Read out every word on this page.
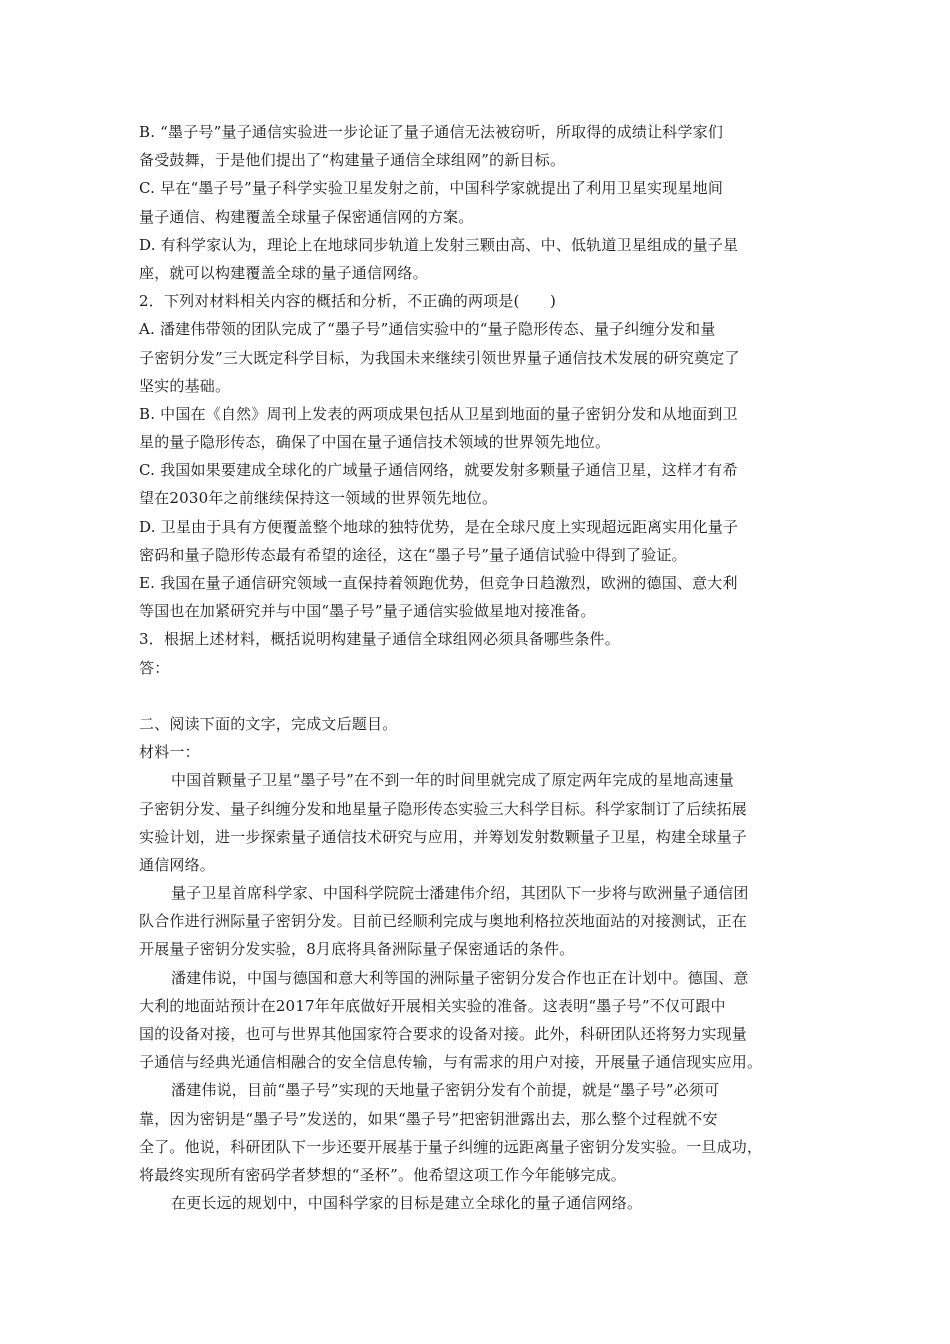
B. “墨子号”量子通信实验进一步论证了量子通信无法被窃听，所取得的成绩让科学家们
备受鼓舞，于是他们提出了“构建量子通信全球组网”的新目标。
C. 早在“墨子号”量子科学实验卫星发射之前，中国科学家就提出了利用卫星实现星地间
量子通信、构建覆盖全球量子保密通信网的方案。
D. 有科学家认为，理论上在地球同步轨道上发射三颗由高、中、低轨道卫星组成的量子星
座，就可以构建覆盖全球的量子通信网络。
2．下列对材料相关内容的概括和分析，不正确的两项是(　　)
A. 潘建伟带领的团队完成了“墨子号”通信实验中的“量子隐形传态、量子纠缠分发和量
子密钥分发”三大既定科学目标，为我国未来继续引领世界量子通信技术发展的研究奠定了
坚实的基础。
B. 中国在《自然》周刊上发表的两项成果包括从卫星到地面的量子密钥分发和从地面到卫
星的量子隐形传态，确保了中国在量子通信技术领域的世界领先地位。
C. 我国如果要建成全球化的广域量子通信网络，就要发射多颗量子通信卫星，这样才有希
望在2030年之前继续保持这一领域的世界领先地位。
D. 卫星由于具有方便覆盖整个地球的独特优势，是在全球尺度上实现超远距离实用化量子
密码和量子隐形传态最有希望的途径，这在“墨子号”量子通信试验中得到了验证。
E. 我国在量子通信研究领域一直保持着领跑优势，但竞争日趋激烈，欧洲的德国、意大利
等国也在加紧研究并与中国“墨子号”量子通信实验做星地对接准备。
3．根据上述材料，概括说明构建量子通信全球组网必须具备哪些条件。
答：
二、阅读下面的文字，完成文后题目。
材料一：
中国首颗量子卫星“墨子号”在不到一年的时间里就完成了原定两年完成的星地高速量
子密钥分发、量子纠缠分发和地星量子隐形传态实验三大科学目标。科学家制订了后续拓展
实验计划，进一步探索量子通信技术研究与应用，并筹划发射数颗量子卫星，构建全球量子
通信网络。
量子卫星首席科学家、中国科学院院士潘建伟介绍，其团队下一步将与欧洲量子通信团
队合作进行洲际量子密钥分发。目前已经顺利完成与奥地利格拉茨地面站的对接测试，正在
开展量子密钥分发实验，8月底将具备洲际量子保密通话的条件。
潘建伟说，中国与德国和意大利等国的洲际量子密钥分发合作也正在计划中。德国、意
大利的地面站预计在2017年年底做好开展相关实验的准备。这表明“墨子号”不仅可跟中
国的设备对接，也可与世界其他国家符合要求的设备对接。此外，科研团队还将努力实现量
子通信与经典光通信相融合的安全信息传输，与有需求的用户对接，开展量子通信现实应用。
潘建伟说，目前“墨子号”实现的天地量子密钥分发有个前提，就是“墨子号”必须可
靠，因为密钥是“墨子号”发送的，如果“墨子号”把密钥泄露出去，那么整个过程就不安
全了。他说，科研团队下一步还要开展基于量子纠缠的远距离量子密钥分发实验。一旦成功，
将最终实现所有密码学者梦想的“圣杯”。他希望这项工作今年能够完成。
在更长远的规划中，中国科学家的目标是建立全球化的量子通信网络。
